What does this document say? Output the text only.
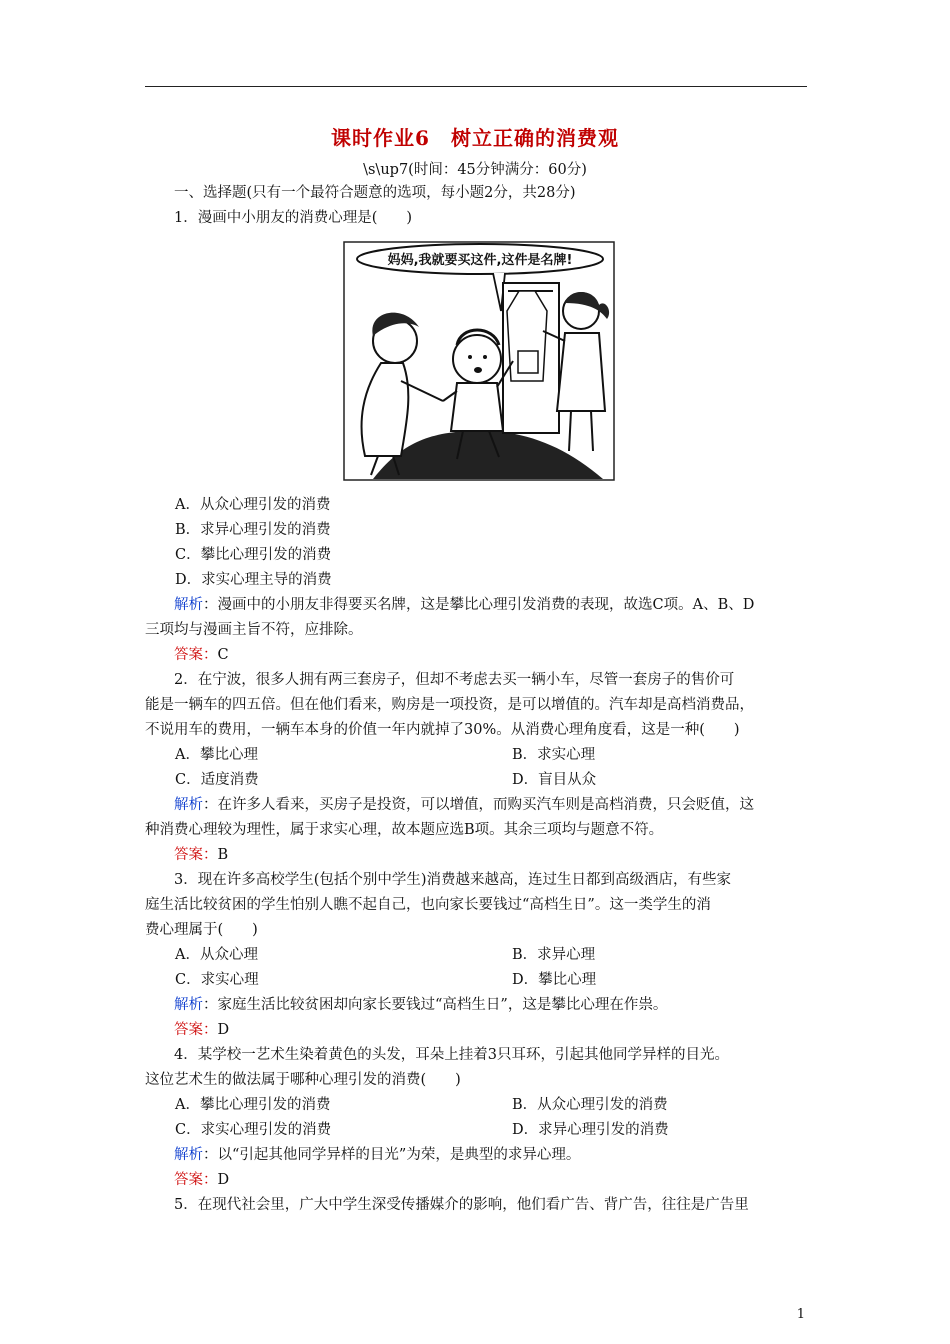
课时作业6　树立正确的消费观
\s\up7(时间：45分钟满分：60分)
一、选择题(只有一个最符合题意的选项，每小题2分，共28分)
1．漫画中小朋友的消费心理是(　　)
妈妈,我就要买这件,这件是名牌!
A．从众心理引发的消费
B．求异心理引发的消费
C．攀比心理引发的消费
D．求实心理主导的消费
解析：漫画中的小朋友非得要买名牌，这是攀比心理引发消费的表现，故选C项。A、B、D
三项均与漫画主旨不符，应排除。
答案：C
2．在宁波，很多人拥有两三套房子，但却不考虑去买一辆小车，尽管一套房子的售价可
能是一辆车的四五倍。但在他们看来，购房是一项投资，是可以增值的。汽车却是高档消费品，
不说用车的费用，一辆车本身的价值一年内就掉了30%。从消费心理角度看，这是一种(　　)
A．攀比心理	B．求实心理
C．适度消费	D．盲目从众
解析：在许多人看来，买房子是投资，可以增值，而购买汽车则是高档消费，只会贬值，这
种消费心理较为理性，属于求实心理，故本题应选B项。其余三项均与题意不符。
答案：B
3．现在许多高校学生(包括个别中学生)消费越来越高，连过生日都到高级酒店，有些家
庭生活比较贫困的学生怕别人瞧不起自己，也向家长要钱过“高档生日”。这一类学生的消
费心理属于(　　)
A．从众心理	B．求异心理
C．求实心理	D．攀比心理
解析：家庭生活比较贫困却向家长要钱过“高档生日”，这是攀比心理在作祟。
答案：D
4．某学校一艺术生染着黄色的头发，耳朵上挂着3只耳环，引起其他同学异样的目光。
这位艺术生的做法属于哪种心理引发的消费(　　)
A．攀比心理引发的消费	B．从众心理引发的消费
C．求实心理引发的消费	D．求异心理引发的消费
解析：以“引起其他同学异样的目光”为荣，是典型的求异心理。
答案：D
5．在现代社会里，广大中学生深受传播媒介的影响，他们看广告、背广告，往往是广告里
1
